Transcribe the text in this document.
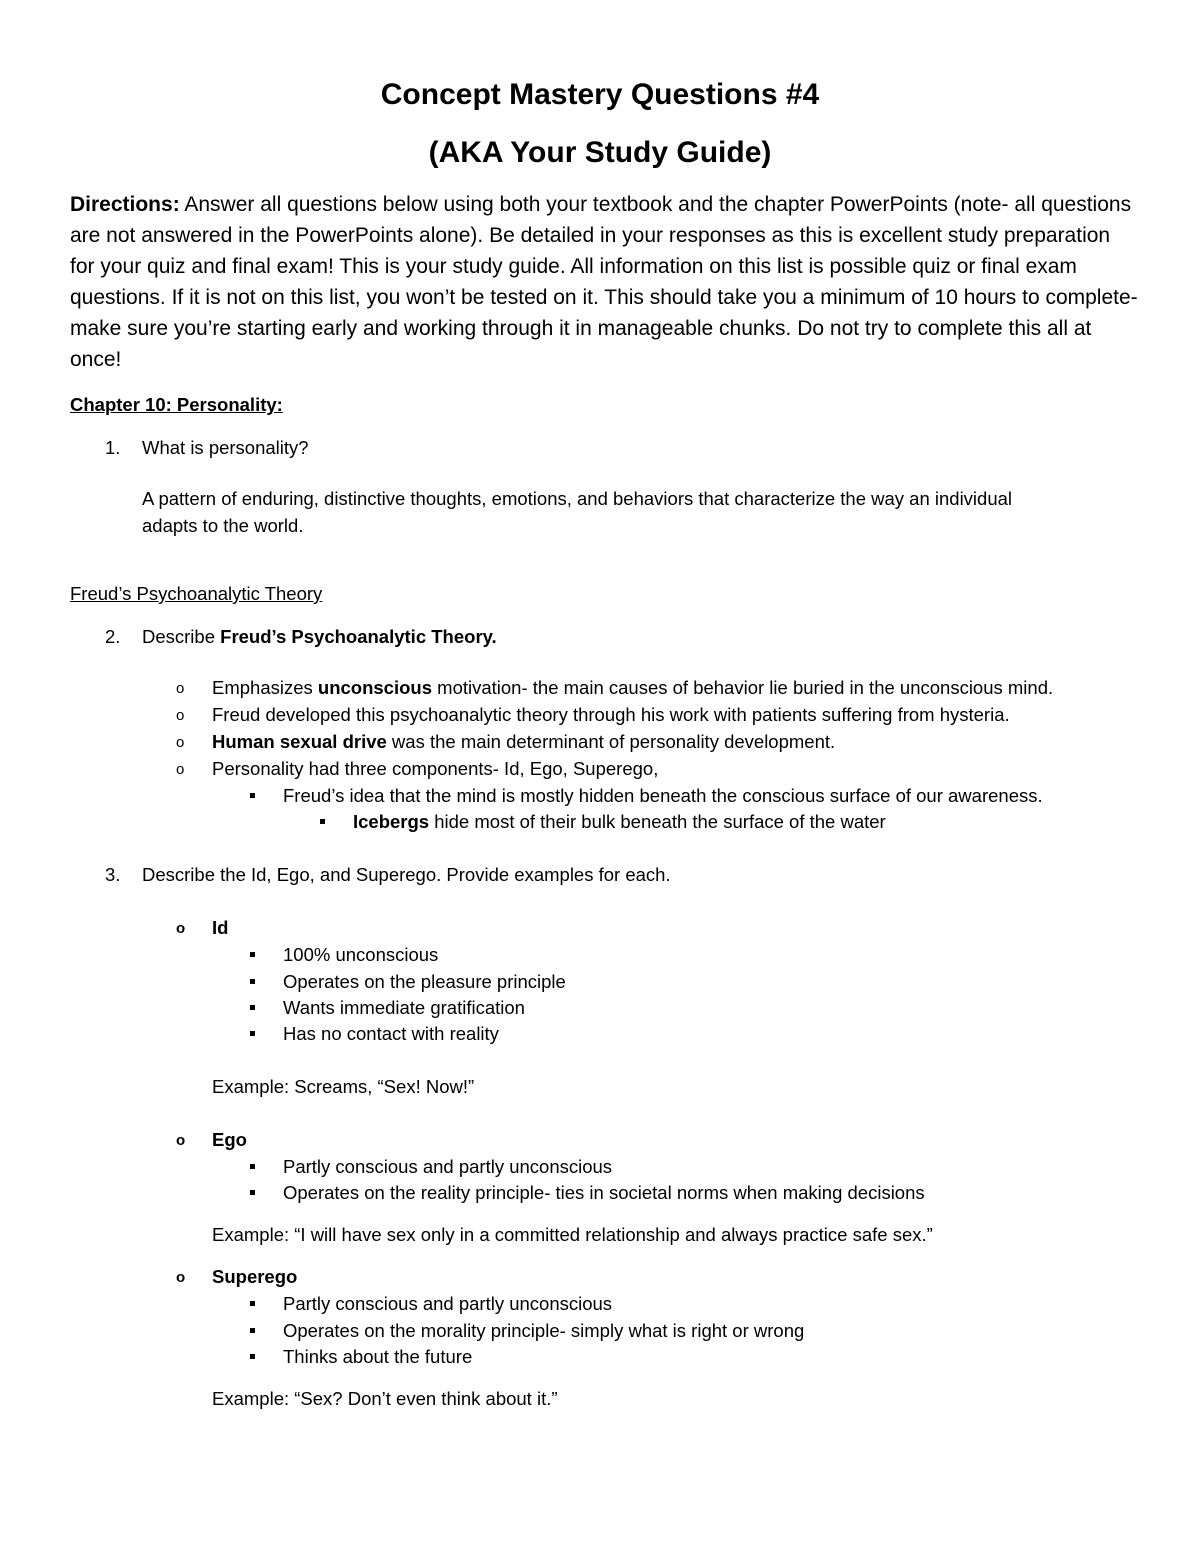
Concept Mastery Questions #4
(AKA Your Study Guide)
Directions: Answer all questions below using both your textbook and the chapter PowerPoints (note- all questions are not answered in the PowerPoints alone). Be detailed in your responses as this is excellent study preparation for your quiz and final exam! This is your study guide. All information on this list is possible quiz or final exam questions. If it is not on this list, you won’t be tested on it. This should take you a minimum of 10 hours to complete- make sure you’re starting early and working through it in manageable chunks. Do not try to complete this all at once!
Chapter 10: Personality:
1. What is personality?
A pattern of enduring, distinctive thoughts, emotions, and behaviors that characterize the way an individual
adapts to the world.
Freud’s Psychoanalytic Theory
2. Describe Freud’s Psychoanalytic Theory.
o Emphasizes unconscious motivation- the main causes of behavior lie buried in the unconscious mind.
o Freud developed this psychoanalytic theory through his work with patients suffering from hysteria.
o Human sexual drive was the main determinant of personality development.
o Personality had three components- Id, Ego, Superego,
Freud’s idea that the mind is mostly hidden beneath the conscious surface of our awareness.
Icebergs hide most of their bulk beneath the surface of the water
3. Describe the Id, Ego, and Superego. Provide examples for each.
o Id
100% unconscious
Operates on the pleasure principle
Wants immediate gratification
Has no contact with reality
Example: Screams, “Sex! Now!”
o Ego
Partly conscious and partly unconscious
Operates on the reality principle- ties in societal norms when making decisions
Example: “I will have sex only in a committed relationship and always practice safe sex.”
o Superego
Partly conscious and partly unconscious
Operates on the morality principle- simply what is right or wrong
Thinks about the future
Example: “Sex? Don’t even think about it.”
